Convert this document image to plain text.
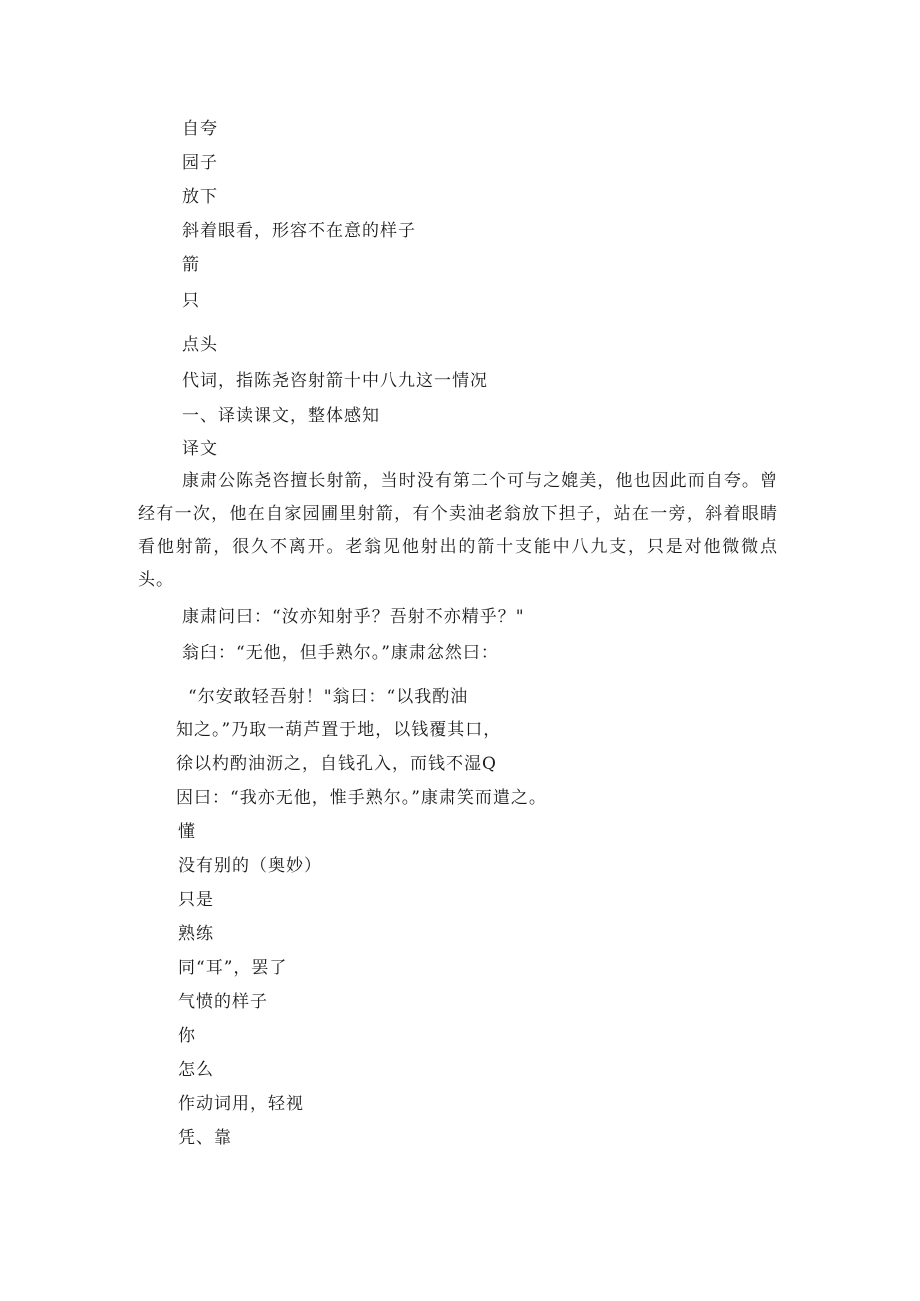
自夸
园子
放下
斜着眼看，形容不在意的样子
箭
只
点头
代词，指陈尧咨射箭十中八九这一情况
一、译读课文，整体感知
译文
康肃公陈尧咨擅长射箭，当时没有第二个可与之媲美，他也因此而自夸。曾经有一次，他在自家园圃里射箭，有个卖油老翁放下担子，站在一旁，斜着眼睛看他射箭，很久不离开。老翁见他射出的箭十支能中八九支，只是对他微微点头。
康肃问曰：“汝亦知射乎？吾射不亦精乎？"
翁臼：“无他，但手熟尔。”康肃忿然曰：
“尔安敢轻吾射！"翁曰：“以我酌油
知之。”乃取一葫芦置于地，以钱覆其口，
徐以杓酌油沥之，自钱孔入，而钱不湿Q
因曰：“我亦无他，惟手熟尔。”康肃笑而遣之。
懂
没有别的（奥妙）
只是
熟练
同“耳”，罢了
气愤的样子
你
怎么
作动词用，轻视
凭、靠
